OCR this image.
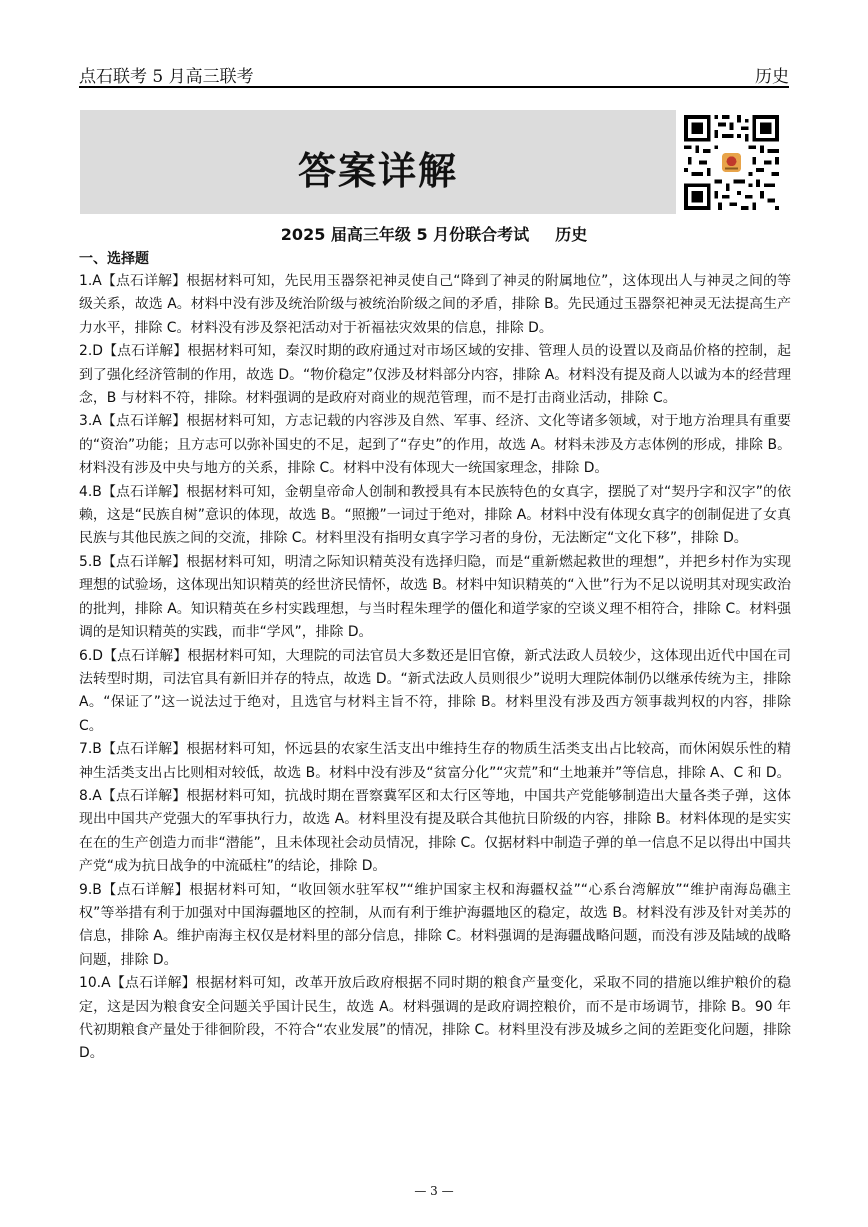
点石联考 5 月高三联考	历史
答案详解
2025 届高三年级 5 月份联合考试 历史
一、选择题

1.A【点石详解】根据材料可知，先民用玉器祭祀神灵使自己“降到了神灵的附属地位”，这体现出人与神灵之间的等级关系，故选 A。材料中没有涉及统治阶级与被统治阶级之间的矛盾，排除 B。先民通过玉器祭祀神灵无法提高生产力水平，排除 C。材料没有涉及祭祀活动对于祈福祛灾效果的信息，排除 D。

2.D【点石详解】根据材料可知，秦汉时期的政府通过对市场区域的安排、管理人员的设置以及商品价格的控制，起到了强化经济管制的作用，故选 D。“物价稳定”仅涉及材料部分内容，排除 A。材料没有提及商人以诚为本的经营理念，B 与材料不符，排除。材料强调的是政府对商业的规范管理，而不是打击商业活动，排除 C。

3.A【点石详解】根据材料可知，方志记载的内容涉及自然、军事、经济、文化等诸多领域，对于地方治理具有重要的“资治”功能；且方志可以弥补国史的不足，起到了“存史”的作用，故选 A。材料未涉及方志体例的形成，排除 B。材料没有涉及中央与地方的关系，排除 C。材料中没有体现大一统国家理念，排除 D。

4.B【点石详解】根据材料可知，金朝皇帝命人创制和教授具有本民族特色的女真字，摆脱了对“契丹字和汉字”的依赖，这是“民族自树”意识的体现，故选 B。“照搬”一词过于绝对，排除 A。材料中没有体现女真字的创制促进了女真民族与其他民族之间的交流，排除 C。材料里没有指明女真字学习者的身份，无法断定“文化下移”，排除 D。

5.B【点石详解】根据材料可知，明清之际知识精英没有选择归隐，而是“重新燃起救世的理想”，并把乡村作为实现理想的试验场，这体现出知识精英的经世济民情怀，故选 B。材料中知识精英的“入世”行为不足以说明其对现实政治的批判，排除 A。知识精英在乡村实践理想，与当时程朱理学的僵化和道学家的空谈义理不相符合，排除 C。材料强调的是知识精英的实践，而非“学风”，排除 D。

6.D【点石详解】根据材料可知，大理院的司法官员大多数还是旧官僚，新式法政人员较少，这体现出近代中国在司法转型时期，司法官具有新旧并存的特点，故选 D。“新式法政人员则很少”说明大理院体制仍以继承传统为主，排除 A。“保证了”这一说法过于绝对，且选官与材料主旨不符，排除 B。材料里没有涉及西方领事裁判权的内容，排除 C。

7.B【点石详解】根据材料可知，怀远县的农家生活支出中维持生存的物质生活类支出占比较高，而休闲娱乐性的精神生活类支出占比则相对较低，故选 B。材料中没有涉及“贫富分化”“灾荒”和“土地兼并”等信息，排除 A、C 和 D。

8.A【点石详解】根据材料可知，抗战时期在晋察冀军区和太行区等地，中国共产党能够制造出大量各类子弹，这体现出中国共产党强大的军事执行力，故选 A。材料里没有提及联合其他抗日阶级的内容，排除 B。材料体现的是实实在在的生产创造力而非“潜能”，且未体现社会动员情况，排除 C。仅据材料中制造子弹的单一信息不足以得出中国共产党“成为抗日战争的中流砥柱”的结论，排除 D。

9.B【点石详解】根据材料可知，“收回领水驻军权”“维护国家主权和海疆权益”“心系台湾解放”“维护南海岛礁主权”等举措有利于加强对中国海疆地区的控制，从而有利于维护海疆地区的稳定，故选 B。材料没有涉及针对美苏的信息，排除 A。维护南海主权仅是材料里的部分信息，排除 C。材料强调的是海疆战略问题，而没有涉及陆域的战略问题，排除 D。

10.A【点石详解】根据材料可知，改革开放后政府根据不同时期的粮食产量变化，采取不同的措施以维护粮价的稳定，这是因为粮食安全问题关乎国计民生，故选 A。材料强调的是政府调控粮价，而不是市场调节，排除 B。90 年代初期粮食产量处于徘徊阶段，不符合“农业发展”的情况，排除 C。材料里没有涉及城乡之间的差距变化问题，排除 D。

— 3 —
